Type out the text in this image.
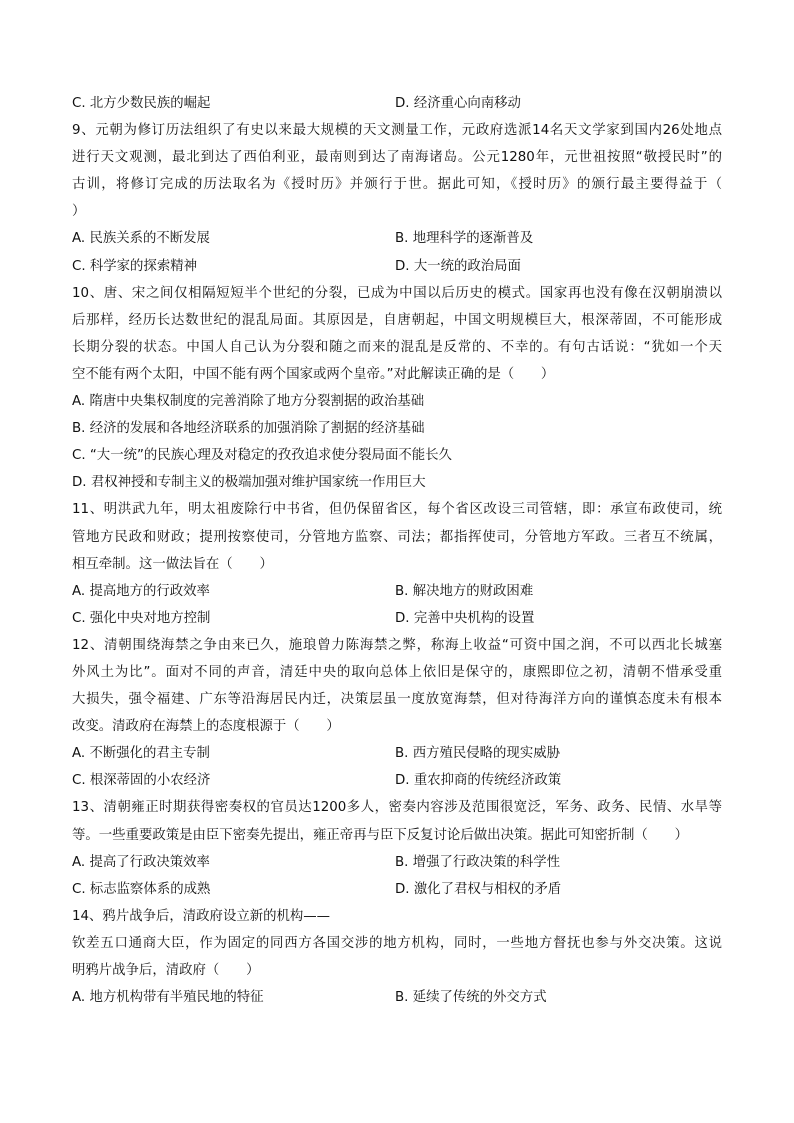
C. 北方少数民族的崛起	D. 经济重心向南移动
9、元朝为修订历法组织了有史以来最大规模的天文测量工作，元政府选派14名天文学家到国内26处地点
进行天文观测，最北到达了西伯利亚，最南则到达了南海诸岛。公元1280年，元世祖按照“敬授民时”的
古训，将修订完成的历法取名为《授时历》并颁行于世。据此可知，《授时历》的颁行最主要得益于（
）
A. 民族关系的不断发展	B. 地理科学的逐渐普及
C. 科学家的探索精神	D. 大一统的政治局面
10、唐、宋之间仅相隔短短半个世纪的分裂，已成为中国以后历史的模式。国家再也没有像在汉朝崩溃以
后那样，经历长达数世纪的混乱局面。其原因是，自唐朝起，中国文明规模巨大，根深蒂固，不可能形成
长期分裂的状态。中国人自己认为分裂和随之而来的混乱是反常的、不幸的。有句古话说：“犹如一个天
空不能有两个太阳，中国不能有两个国家或两个皇帝。”对此解读正确的是（　　）
A. 隋唐中央集权制度的完善消除了地方分裂割据的政治基础
B. 经济的发展和各地经济联系的加强消除了割据的经济基础
C. “大一统”的民族心理及对稳定的孜孜追求使分裂局面不能长久
D. 君权神授和专制主义的极端加强对维护国家统一作用巨大
11、明洪武九年，明太祖废除行中书省，但仍保留省区，每个省区改设三司管辖，即：承宣布政使司，统
管地方民政和财政；提刑按察使司，分管地方监察、司法；都指挥使司，分管地方军政。三者互不统属，
相互牵制。这一做法旨在（　　）
A. 提高地方的行政效率	B. 解决地方的财政困难
C. 强化中央对地方控制	D. 完善中央机构的设置
12、清朝围绕海禁之争由来已久，施琅曾力陈海禁之弊，称海上收益“可资中国之润，不可以西北长城塞
外风土为比”。面对不同的声音，清廷中央的取向总体上依旧是保守的，康熙即位之初，清朝不惜承受重
大损失，强令福建、广东等沿海居民内迁，决策层虽一度放宽海禁，但对待海洋方向的谨慎态度未有根本
改变。清政府在海禁上的态度根源于（　　）
A. 不断强化的君主专制	B. 西方殖民侵略的现实威胁
C. 根深蒂固的小农经济	D. 重农抑商的传统经济政策
13、清朝雍正时期获得密奏权的官员达1200多人，密奏内容涉及范围很宽泛，军务、政务、民情、水旱等
等。一些重要政策是由臣下密奏先提出，雍正帝再与臣下反复讨论后做出决策。据此可知密折制（　　）
A. 提高了行政决策效率	B. 增强了行政决策的科学性
C. 标志监察体系的成熟	D. 激化了君权与相权的矛盾
14、鸦片战争后，清政府设立新的机构——
钦差五口通商大臣，作为固定的同西方各国交涉的地方机构，同时，一些地方督抚也参与外交决策。这说
明鸦片战争后，清政府（　　）
A. 地方机构带有半殖民地的特征	B. 延续了传统的外交方式
